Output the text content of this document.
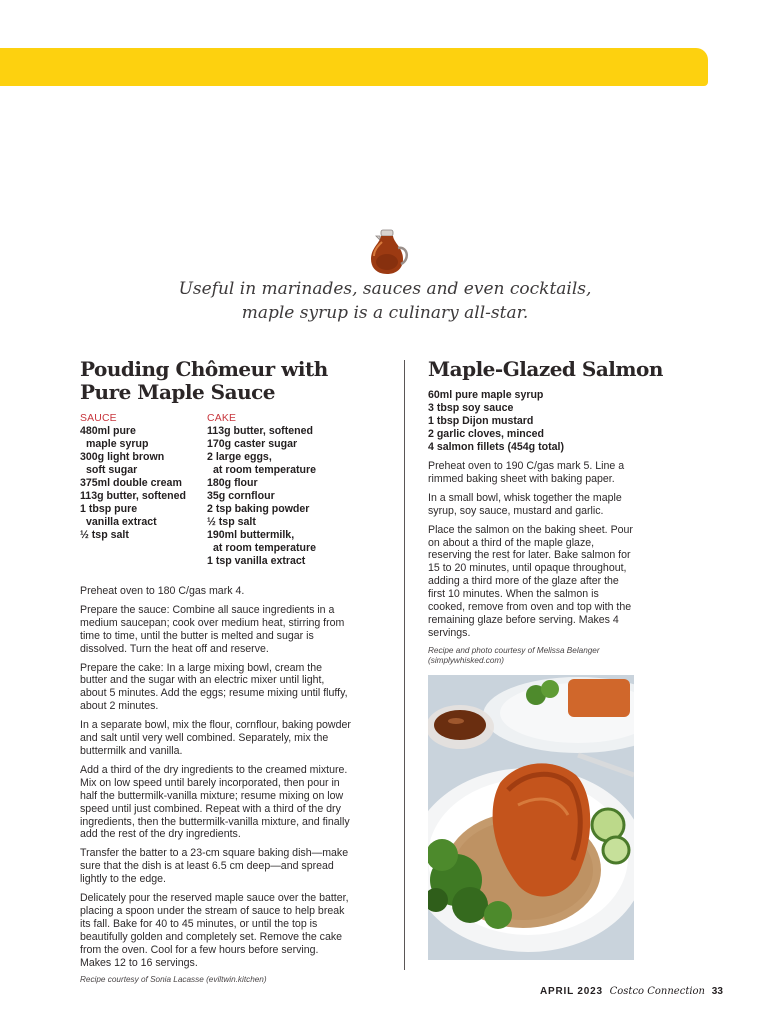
Useful in marinades, sauces and even cocktails,
maple syrup is a culinary all-star.
Pouding Chômeur with
Pure Maple Sauce
SAUCE
480ml pure
maple syrup
300g light brown
soft sugar
375ml double cream
113g butter, softened
1 tbsp pure
vanilla extract
½ tsp salt
CAKE
113g butter, softened
170g caster sugar
2 large eggs,
at room temperature
180g flour
35g cornflour
2 tsp baking powder
½ tsp salt
190ml buttermilk,
at room temperature
1 tsp vanilla extract

Preheat oven to 180 C/gas mark 4.

Prepare the sauce: Combine all sauce ingredients in a medium saucepan; cook over medium heat, stirring from time to time, until the butter is melted and sugar is dissolved. Turn the heat off and reserve.

Prepare the cake: In a large mixing bowl, cream the butter and the sugar with an electric mixer until light, about 5 minutes. Add the eggs; resume mixing until fluffy, about 2 minutes.

In a separate bowl, mix the flour, cornflour, baking powder and salt until very well combined. Separately, mix the buttermilk and vanilla.

Add a third of the dry ingredients to the creamed mixture. Mix on low speed until barely incorporated, then pour in half the buttermilk-vanilla mixture; resume mixing on low speed until just combined. Repeat with a third of the dry ingredients, then the buttermilk-vanilla mixture, and finally add the rest of the dry ingredients.

Transfer the batter to a 23-cm square baking dish—make sure that the dish is at least 6.5 cm deep—and spread lightly to the edge.

Delicately pour the reserved maple sauce over the batter, placing a spoon under the stream of sauce to help break its fall. Bake for 40 to 45 minutes, or until the top is beautifully golden and completely set. Remove the cake from the oven. Cool for a few hours before serving. Makes 12 to 16 servings.

Recipe courtesy of Sonia Lacasse (eviltwin.kitchen)
Maple-Glazed Salmon
60ml pure maple syrup
3 tbsp soy sauce
1 tbsp Dijon mustard
2 garlic cloves, minced
4 salmon fillets (454g total)

Preheat oven to 190 C/gas mark 5. Line a rimmed baking sheet with baking paper.

In a small bowl, whisk together the maple syrup, soy sauce, mustard and garlic.

Place the salmon on the baking sheet. Pour on about a third of the maple glaze, reserving the rest for later. Bake salmon for 15 to 20 minutes, until opaque throughout, adding a third more of the glaze after the first 10 minutes. When the salmon is cooked, remove from oven and top with the remaining glaze before serving. Makes 4 servings.

Recipe and photo courtesy of Melissa Belanger (simplywhisked.com)
APRIL 2023 Costco Connection 33
